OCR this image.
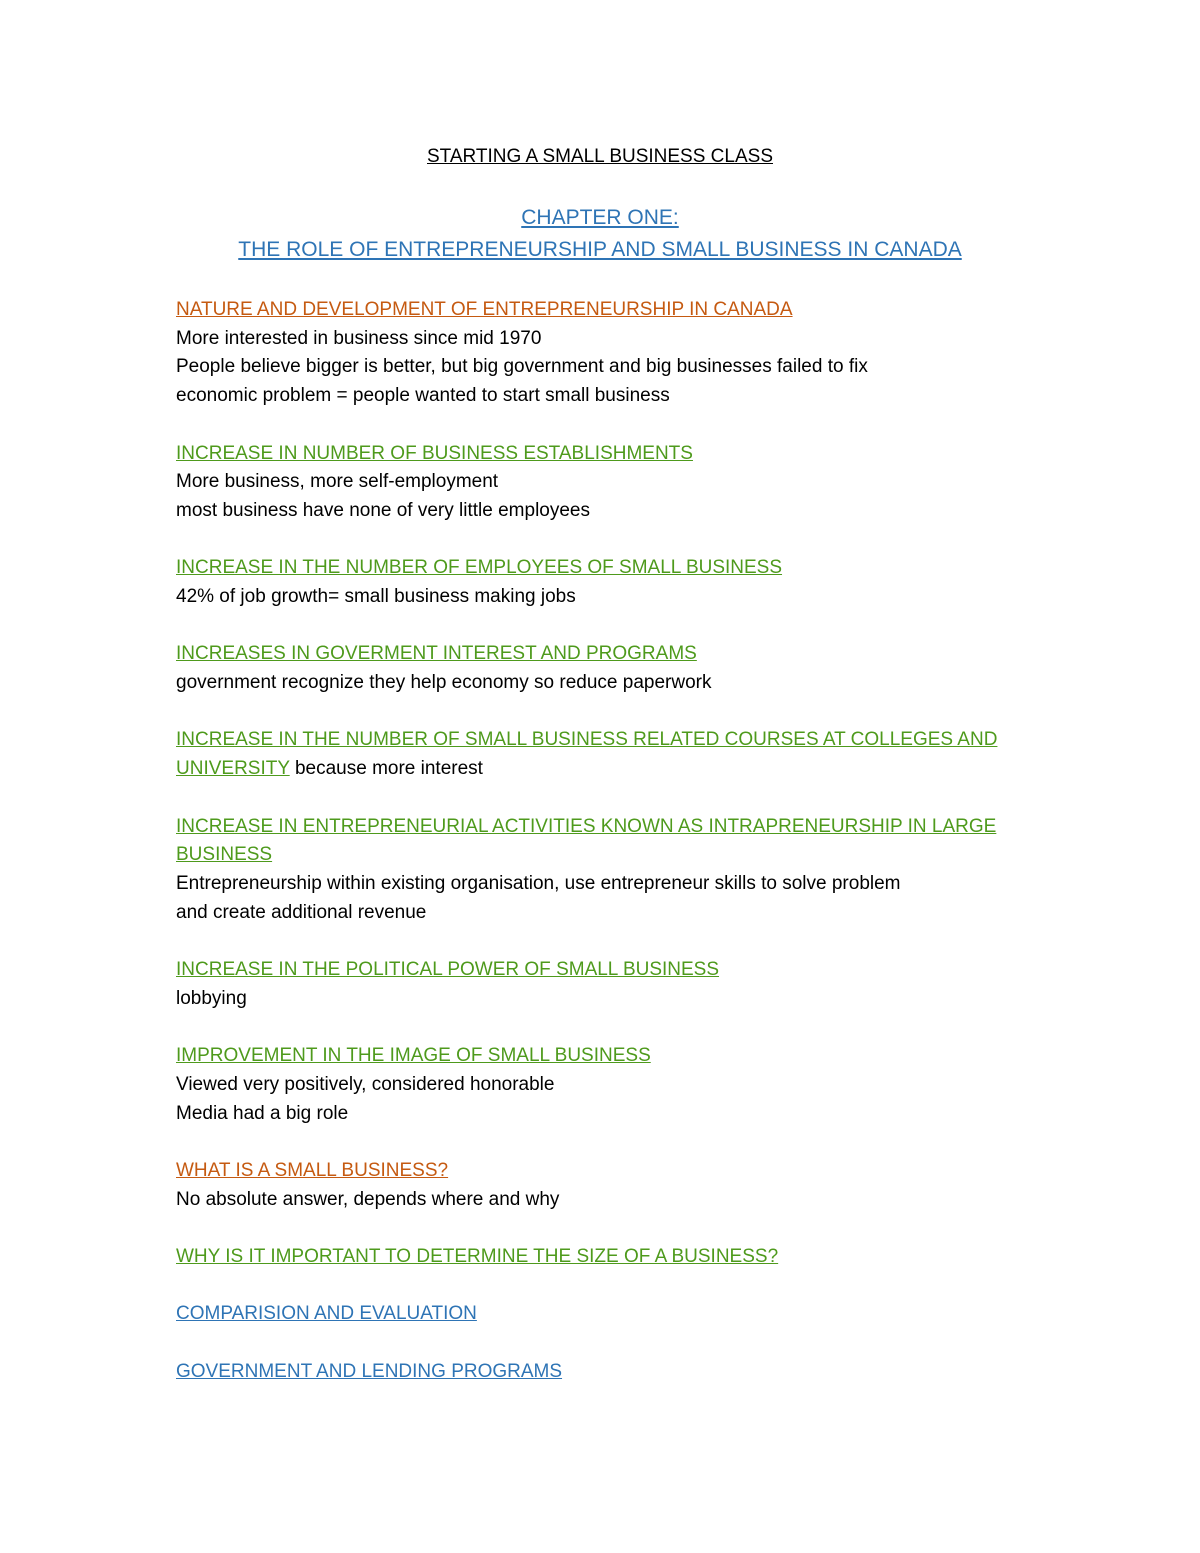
STARTING A SMALL BUSINESS CLASS
CHAPTER ONE:
THE ROLE OF ENTREPRENEURSHIP AND SMALL BUSINESS IN CANADA
NATURE AND DEVELOPMENT OF ENTREPRENEURSHIP IN CANADA
More interested in business since mid 1970
People believe bigger is better, but big government and big businesses failed to fix
economic problem = people wanted to start small business
INCREASE IN NUMBER OF BUSINESS ESTABLISHMENTS
More business, more self-employment
most business have none of very little employees
INCREASE IN THE NUMBER OF EMPLOYEES OF SMALL BUSINESS
42% of job growth= small business making jobs
INCREASES IN GOVERMENT INTEREST AND PROGRAMS
government recognize they help economy so reduce paperwork
INCREASE IN THE NUMBER OF SMALL BUSINESS RELATED COURSES AT COLLEGES AND
UNIVERSITY because more interest
INCREASE IN ENTREPRENEURIAL ACTIVITIES KNOWN AS INTRAPRENEURSHIP IN LARGE
BUSINESS
Entrepreneurship within existing organisation, use entrepreneur skills to solve problem
and create additional revenue
INCREASE IN THE POLITICAL POWER OF SMALL BUSINESS
lobbying
IMPROVEMENT IN THE IMAGE OF SMALL BUSINESS
Viewed very positively, considered honorable
Media had a big role
WHAT IS A SMALL BUSINESS?
No absolute answer, depends where and why
WHY IS IT IMPORTANT TO DETERMINE THE SIZE OF A BUSINESS?
COMPARISION AND EVALUATION
GOVERNMENT AND LENDING PROGRAMS
